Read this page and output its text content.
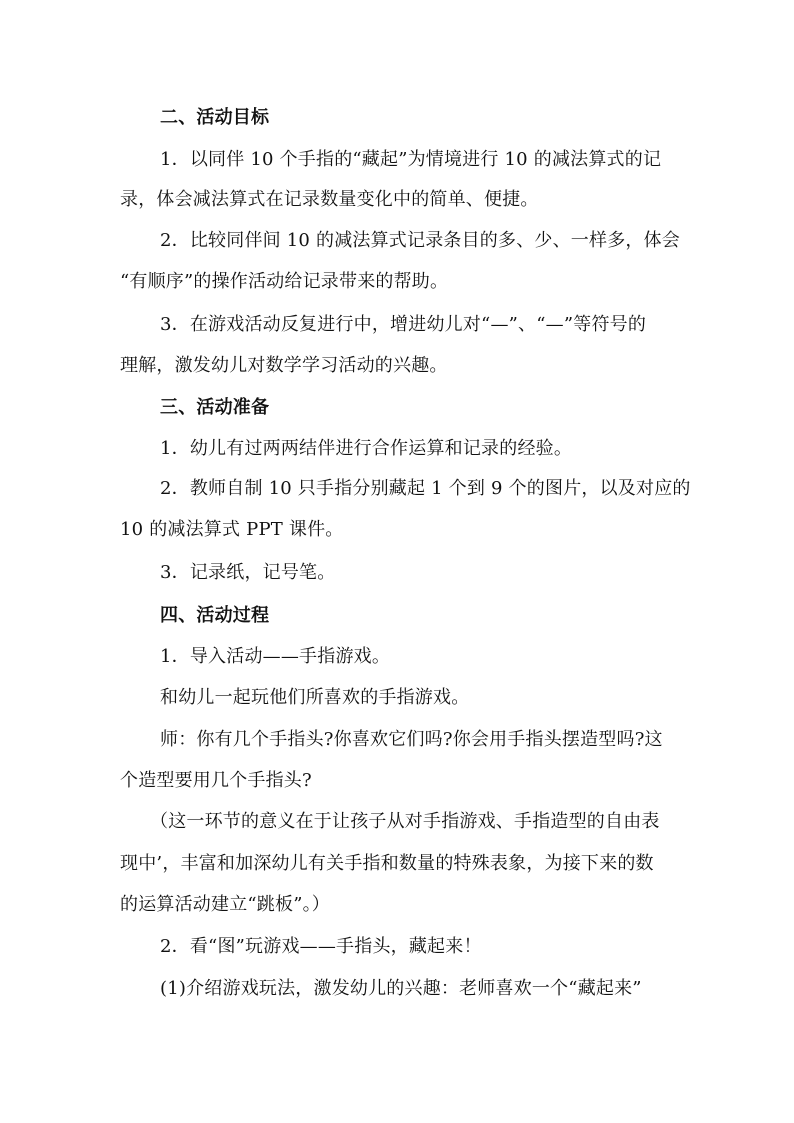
二、活动目标
1．以同伴 10 个手指的“藏起”为情境进行 10 的减法算式的记
录，体会减法算式在记录数量变化中的简单、便捷。
2．比较同伴间 10 的减法算式记录条目的多、少、一样多，体会
“有顺序”的操作活动给记录带来的帮助。
3．在游戏活动反复进行中，增进幼儿对“—”、“—”等符号的
理解，激发幼儿对数学学习活动的兴趣。
三、活动准备
1．幼儿有过两两结伴进行合作运算和记录的经验。
2．教师自制 10 只手指分别藏起 1 个到 9 个的图片，以及对应的
10 的减法算式 PPT 课件。
3．记录纸，记号笔。
四、活动过程
1．导入活动——手指游戏。
和幼儿一起玩他们所喜欢的手指游戏。
师：你有几个手指头?你喜欢它们吗?你会用手指头摆造型吗?这
个造型要用几个手指头?
（这一环节的意义在于让孩子从对手指游戏、手指造型的自由表
现中’，丰富和加深幼儿有关手指和数量的特殊表象，为接下来的数
的运算活动建立“跳板”。）
2．看“图”玩游戏——手指头，藏起来！
(1)介绍游戏玩法，激发幼儿的兴趣：老师喜欢一个“藏起来”
